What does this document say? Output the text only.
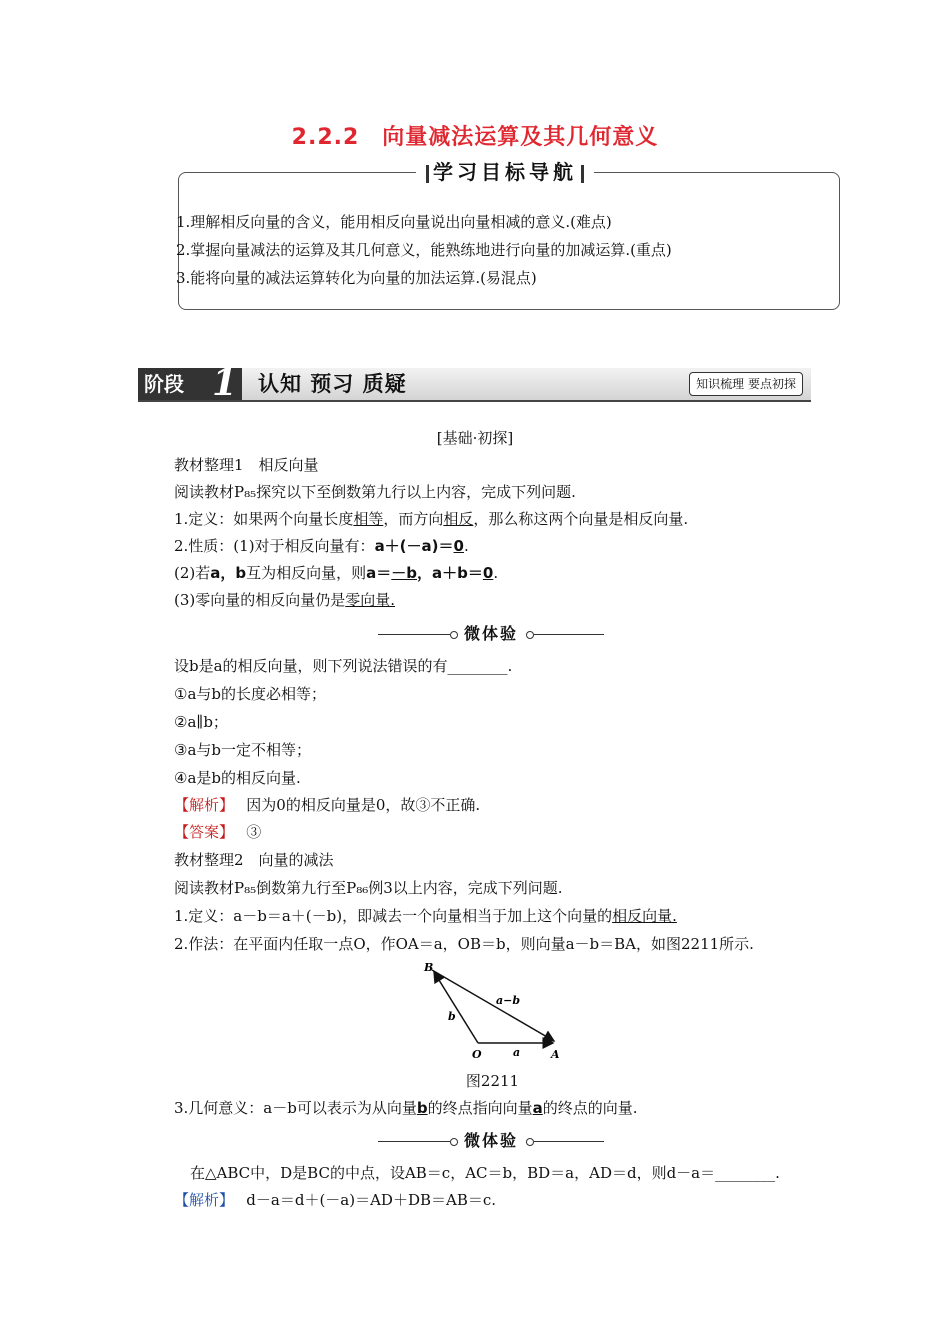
2.2.2　向量减法运算及其几何意义
学习目标导航
1.理解相反向量的含义，能用相反向量说出向量相减的意义.(难点)
2.掌握向量减法的运算及其几何意义，能熟练地进行向量的加减运算.(重点)
3.能将向量的减法运算转化为向量的加法运算.(易混点)
阶段 1 认知 预习 质疑	知识梳理 要点初探
[基础·初探]
教材整理1　相反向量
阅读教材P₈₅探究以下至倒数第九行以上内容，完成下列问题.
1.定义：如果两个向量长度相等，而方向相反，那么称这两个向量是相反向量.
2.性质：(1)对于相反向量有：a＋(－a)＝0.
(2)若a，b互为相反向量，则a＝－b，a＋b＝0.
(3)零向量的相反向量仍是零向量.
微体验
设b是a的相反向量，则下列说法错误的有________.
①a与b的长度必相等；
②a∥b；
③a与b一定不相等；
④a是b的相反向量.
【解析】　 因为0的相反向量是0，故③不正确.
【答案】　 ③
教材整理2　向量的减法
阅读教材P₈₅倒数第九行至P₈₆例3以上内容，完成下列问题.
1.定义：a－b＝a＋(－b)，即减去一个向量相当于加上这个向量的相反向量.
2.作法：在平面内任取一点O，作OA＝a，OB＝b，则向量a－b＝BA，如图2211所示.
B
O	A
a
b
a−b
图2211
3.几何意义：a－b可以表示为从向量b的终点指向向量a的终点的向量.
微体验
在△ABC中，D是BC的中点，设AB＝c，AC＝b，BD＝a，AD＝d，则d－a＝________.
【解析】　 d－a＝d＋(－a)＝AD＋DB＝AB＝c.
